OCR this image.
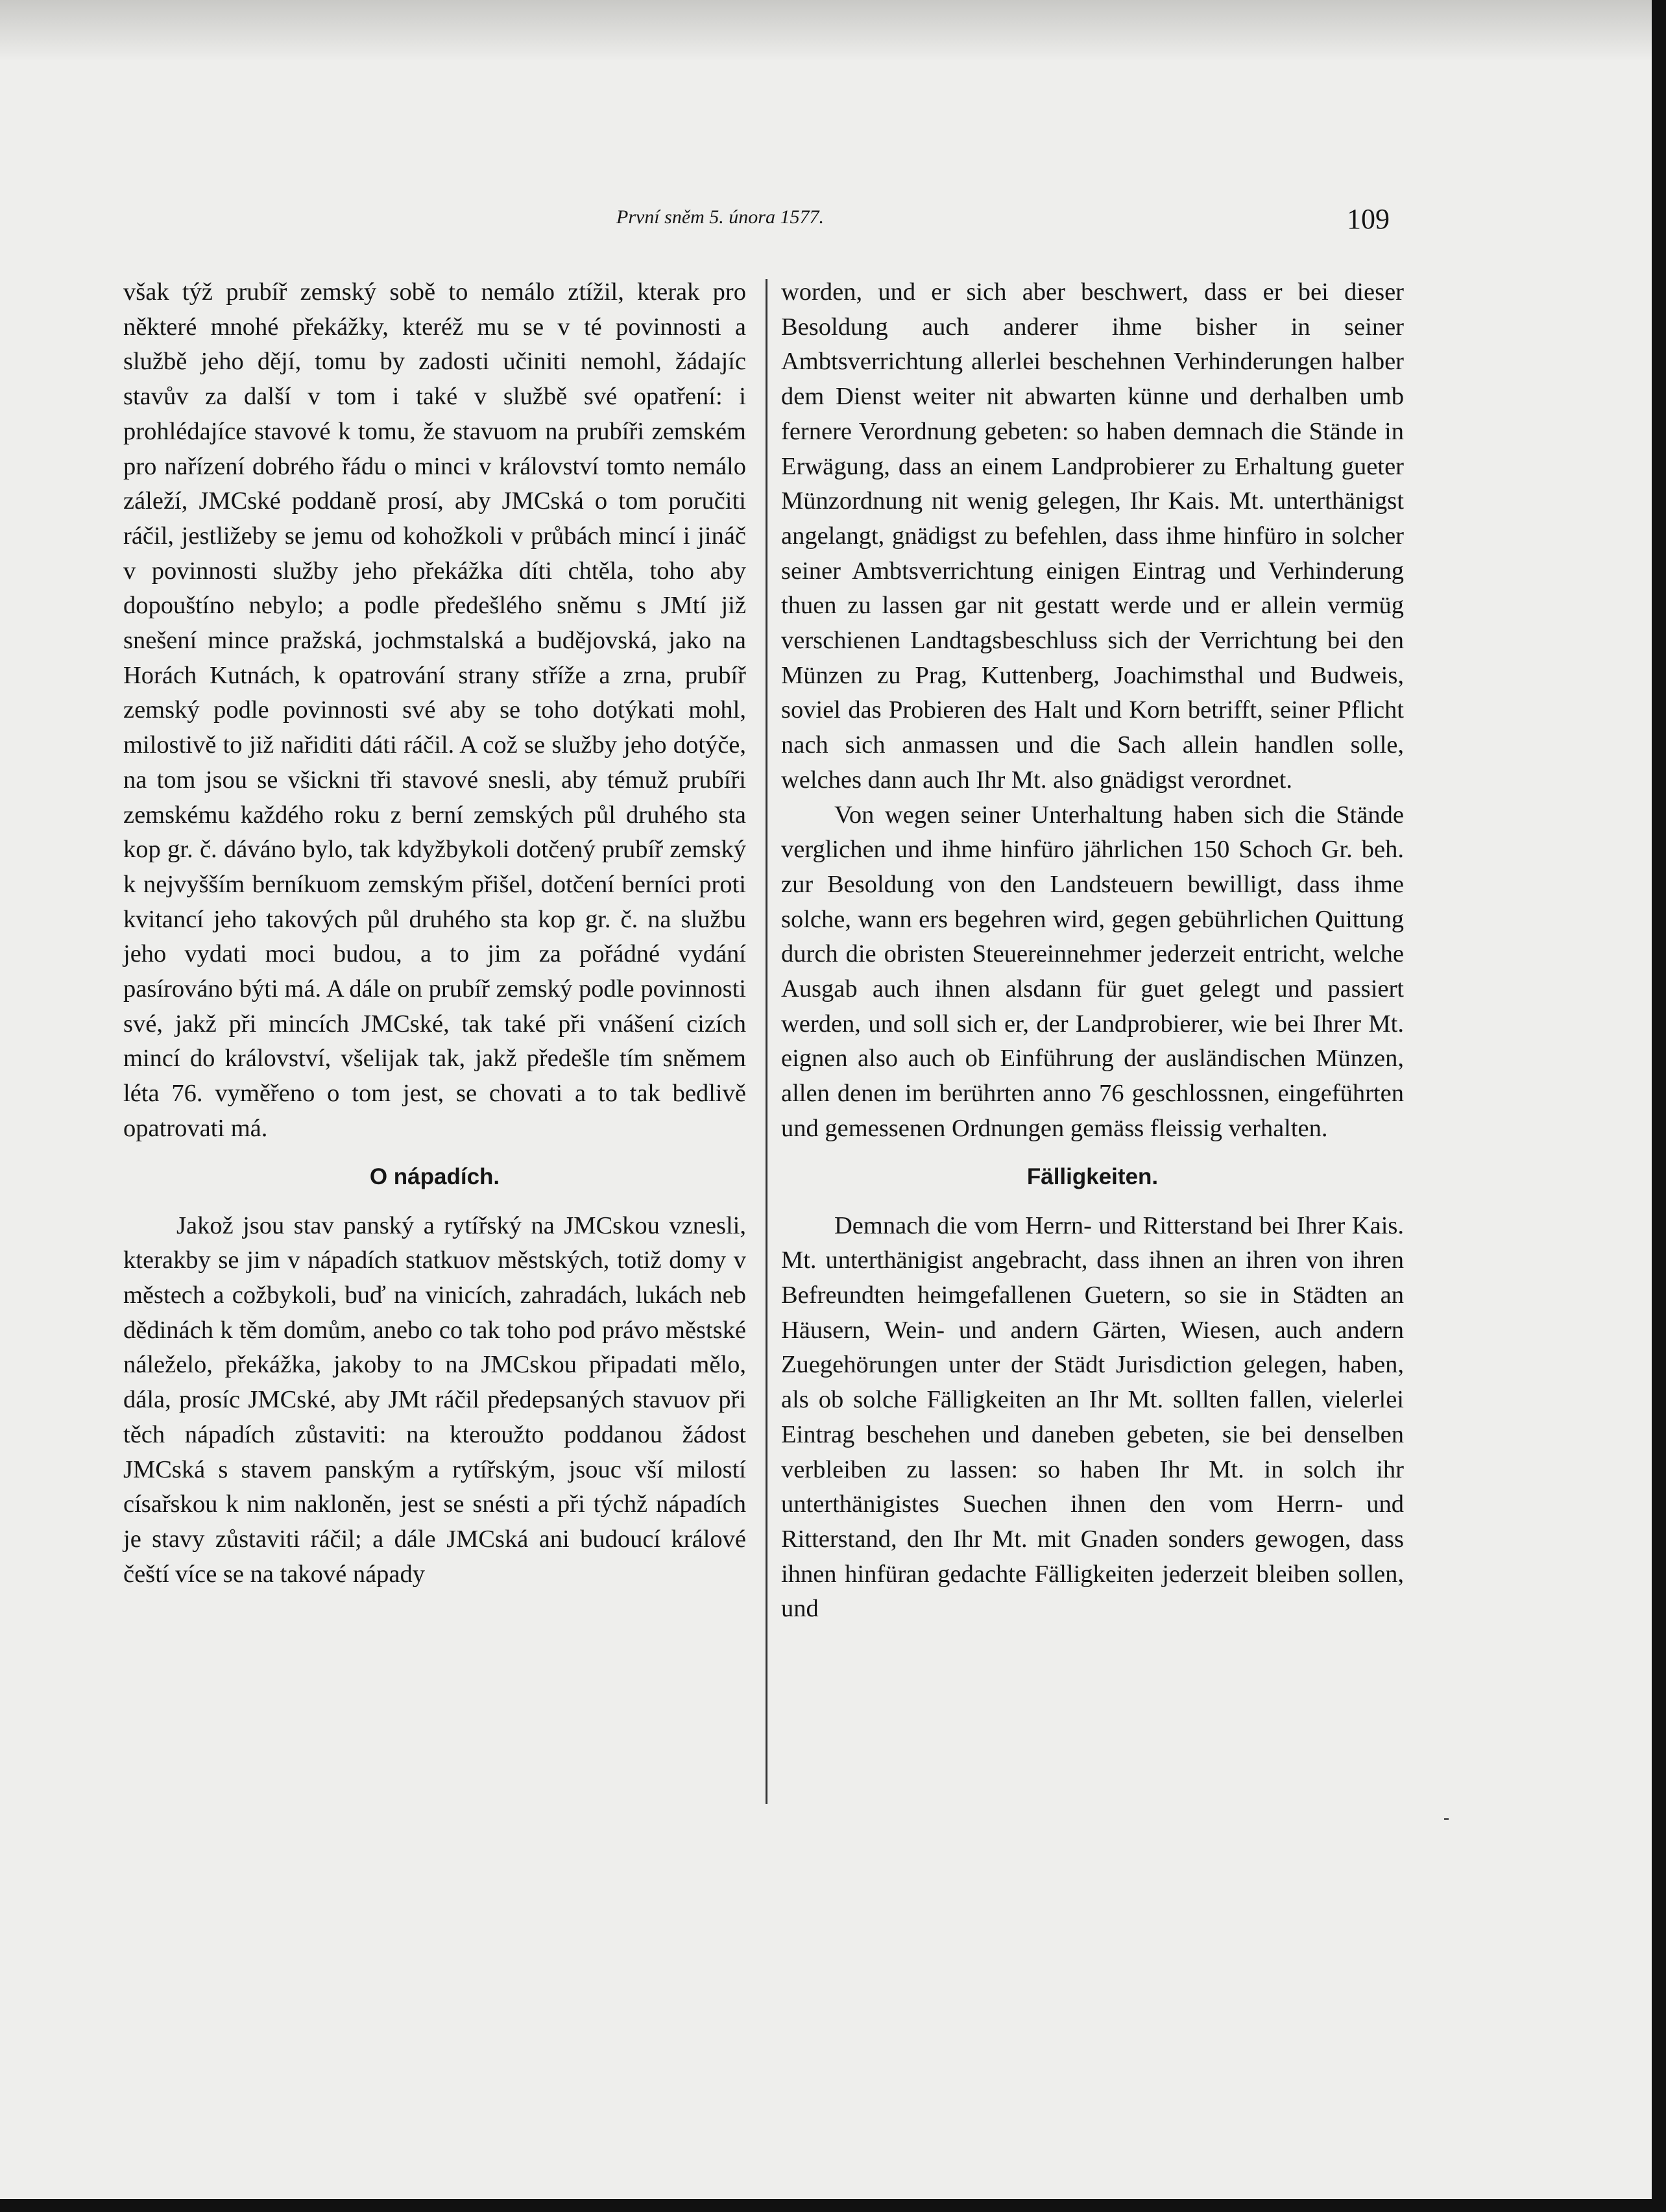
První sněm 5. února 1577.	109

však týž prubíř zemský sobě to nemálo ztížil, kterak pro některé mnohé překážky, kteréž mu se v té povinnosti a službě jeho dějí, tomu by zadosti učiniti nemohl, žádajíc stavův za další v tom i také v službě své opatření: i prohlédajíce stavové k tomu, že stavuom na prubíři zemském pro nařízení dobrého řádu o minci v království tomto nemálo záleží, JMCské poddaně prosí, aby JMCská o tom poručiti ráčil, jestližeby se jemu od kohožkoli v průbách mincí i jináč v povinnosti služby jeho překážka díti chtěla, toho aby dopouštíno nebylo; a podle předešlého sněmu s JMtí již snešení mince pražská, jochmstalská a budějovská, jako na Horách Kutnách, k opatrování strany stříže a zrna, prubíř zemský podle povinnosti své aby se toho dotýkati mohl, milostivě to již nařiditi dáti ráčil. A což se služby jeho dotýče, na tom jsou se všickni tři stavové snesli, aby témuž prubíři zemskému každého roku z berní zemských půl druhého sta kop gr. č. dáváno bylo, tak kdyžbykoli dotčený prubíř zemský k nejvyšším berníkuom zemským přišel, dotčení berníci proti kvitancí jeho takových půl druhého sta kop gr. č. na službu jeho vydati moci budou, a to jim za pořádné vydání pasírováno býti má. A dále on prubíř zemský podle povinnosti své, jakž při mincích JMCské, tak také při vnášení cizích mincí do království, všelijak tak, jakž předešle tím sněmem léta 76. vyměřeno o tom jest, se chovati a to tak bedlivě opatrovati má.

O nápadích.

Jakož jsou stav panský a rytířský na JMCskou vznesli, kterakby se jim v nápadích statkuov městských, totiž domy v městech a cožbykoli, buď na vinicích, zahradách, lukách neb dědinách k těm domům, anebo co tak toho pod právo městské náleželo, překážka, jakoby to na JMCskou připadati mělo, dála, prosíc JMCské, aby JMt ráčil předepsaných stavuov při těch nápadích zůstaviti: na kteroužto poddanou žádost JMCská s stavem panským a rytířským, jsouc vší milostí císařskou k nim nakloněn, jest se snésti a při týchž nápadích je stavy zůstaviti ráčil; a dále JMCská ani budoucí králové čeští více se na takové nápady

worden, und er sich aber beschwert, dass er bei dieser Besoldung auch anderer ihme bisher in seiner Ambtsverrichtung allerlei beschehnen Verhinderungen halber dem Dienst weiter nit abwarten künne und derhalben umb fernere Verordnung gebeten: so haben demnach die Stände in Erwägung, dass an einem Landprobierer zu Erhaltung gueter Münzordnung nit wenig gelegen, Ihr Kais. Mt. unterthänigst angelangt, gnädigst zu befehlen, dass ihme hinfüro in solcher seiner Ambtsverrichtung einigen Eintrag und Verhinderung thuen zu lassen gar nit gestatt werde und er allein vermüg verschienen Landtagsbeschluss sich der Verrichtung bei den Münzen zu Prag, Kuttenberg, Joachimsthal und Budweis, soviel das Probieren des Halt und Korn betrifft, seiner Pflicht nach sich anmassen und die Sach allein handlen solle, welches dann auch Ihr Mt. also gnädigst verordnet.

Von wegen seiner Unterhaltung haben sich die Stände verglichen und ihme hinfüro jährlichen 150 Schoch Gr. beh. zur Besoldung von den Landsteuern bewilligt, dass ihme solche, wann ers begehren wird, gegen gebührlichen Quittung durch die obristen Steuereinnehmer jederzeit entricht, welche Ausgab auch ihnen alsdann für guet gelegt und passiert werden, und soll sich er, der Landprobierer, wie bei Ihrer Mt. eignen also auch ob Einführung der ausländischen Münzen, allen denen im berührten anno 76 geschlossnen, eingeführten und gemessenen Ordnungen gemäss fleissig verhalten.

Fälligkeiten.

Demnach die vom Herrn- und Ritterstand bei Ihrer Kais. Mt. unterthänigist angebracht, dass ihnen an ihren von ihren Befreundten heimgefallenen Guetern, so sie in Städten an Häusern, Wein- und andern Gärten, Wiesen, auch andern Zuegehörungen unter der Städt Jurisdiction gelegen, haben, als ob solche Fälligkeiten an Ihr Mt. sollten fallen, vielerlei Eintrag beschehen und daneben gebeten, sie bei denselben verbleiben zu lassen: so haben Ihr Mt. in solch ihr unterthänigistes Suechen ihnen den vom Herrn- und Ritterstand, den Ihr Mt. mit Gnaden sonders gewogen, dass ihnen hinfüran gedachte Fälligkeiten jederzeit bleiben sollen, und
